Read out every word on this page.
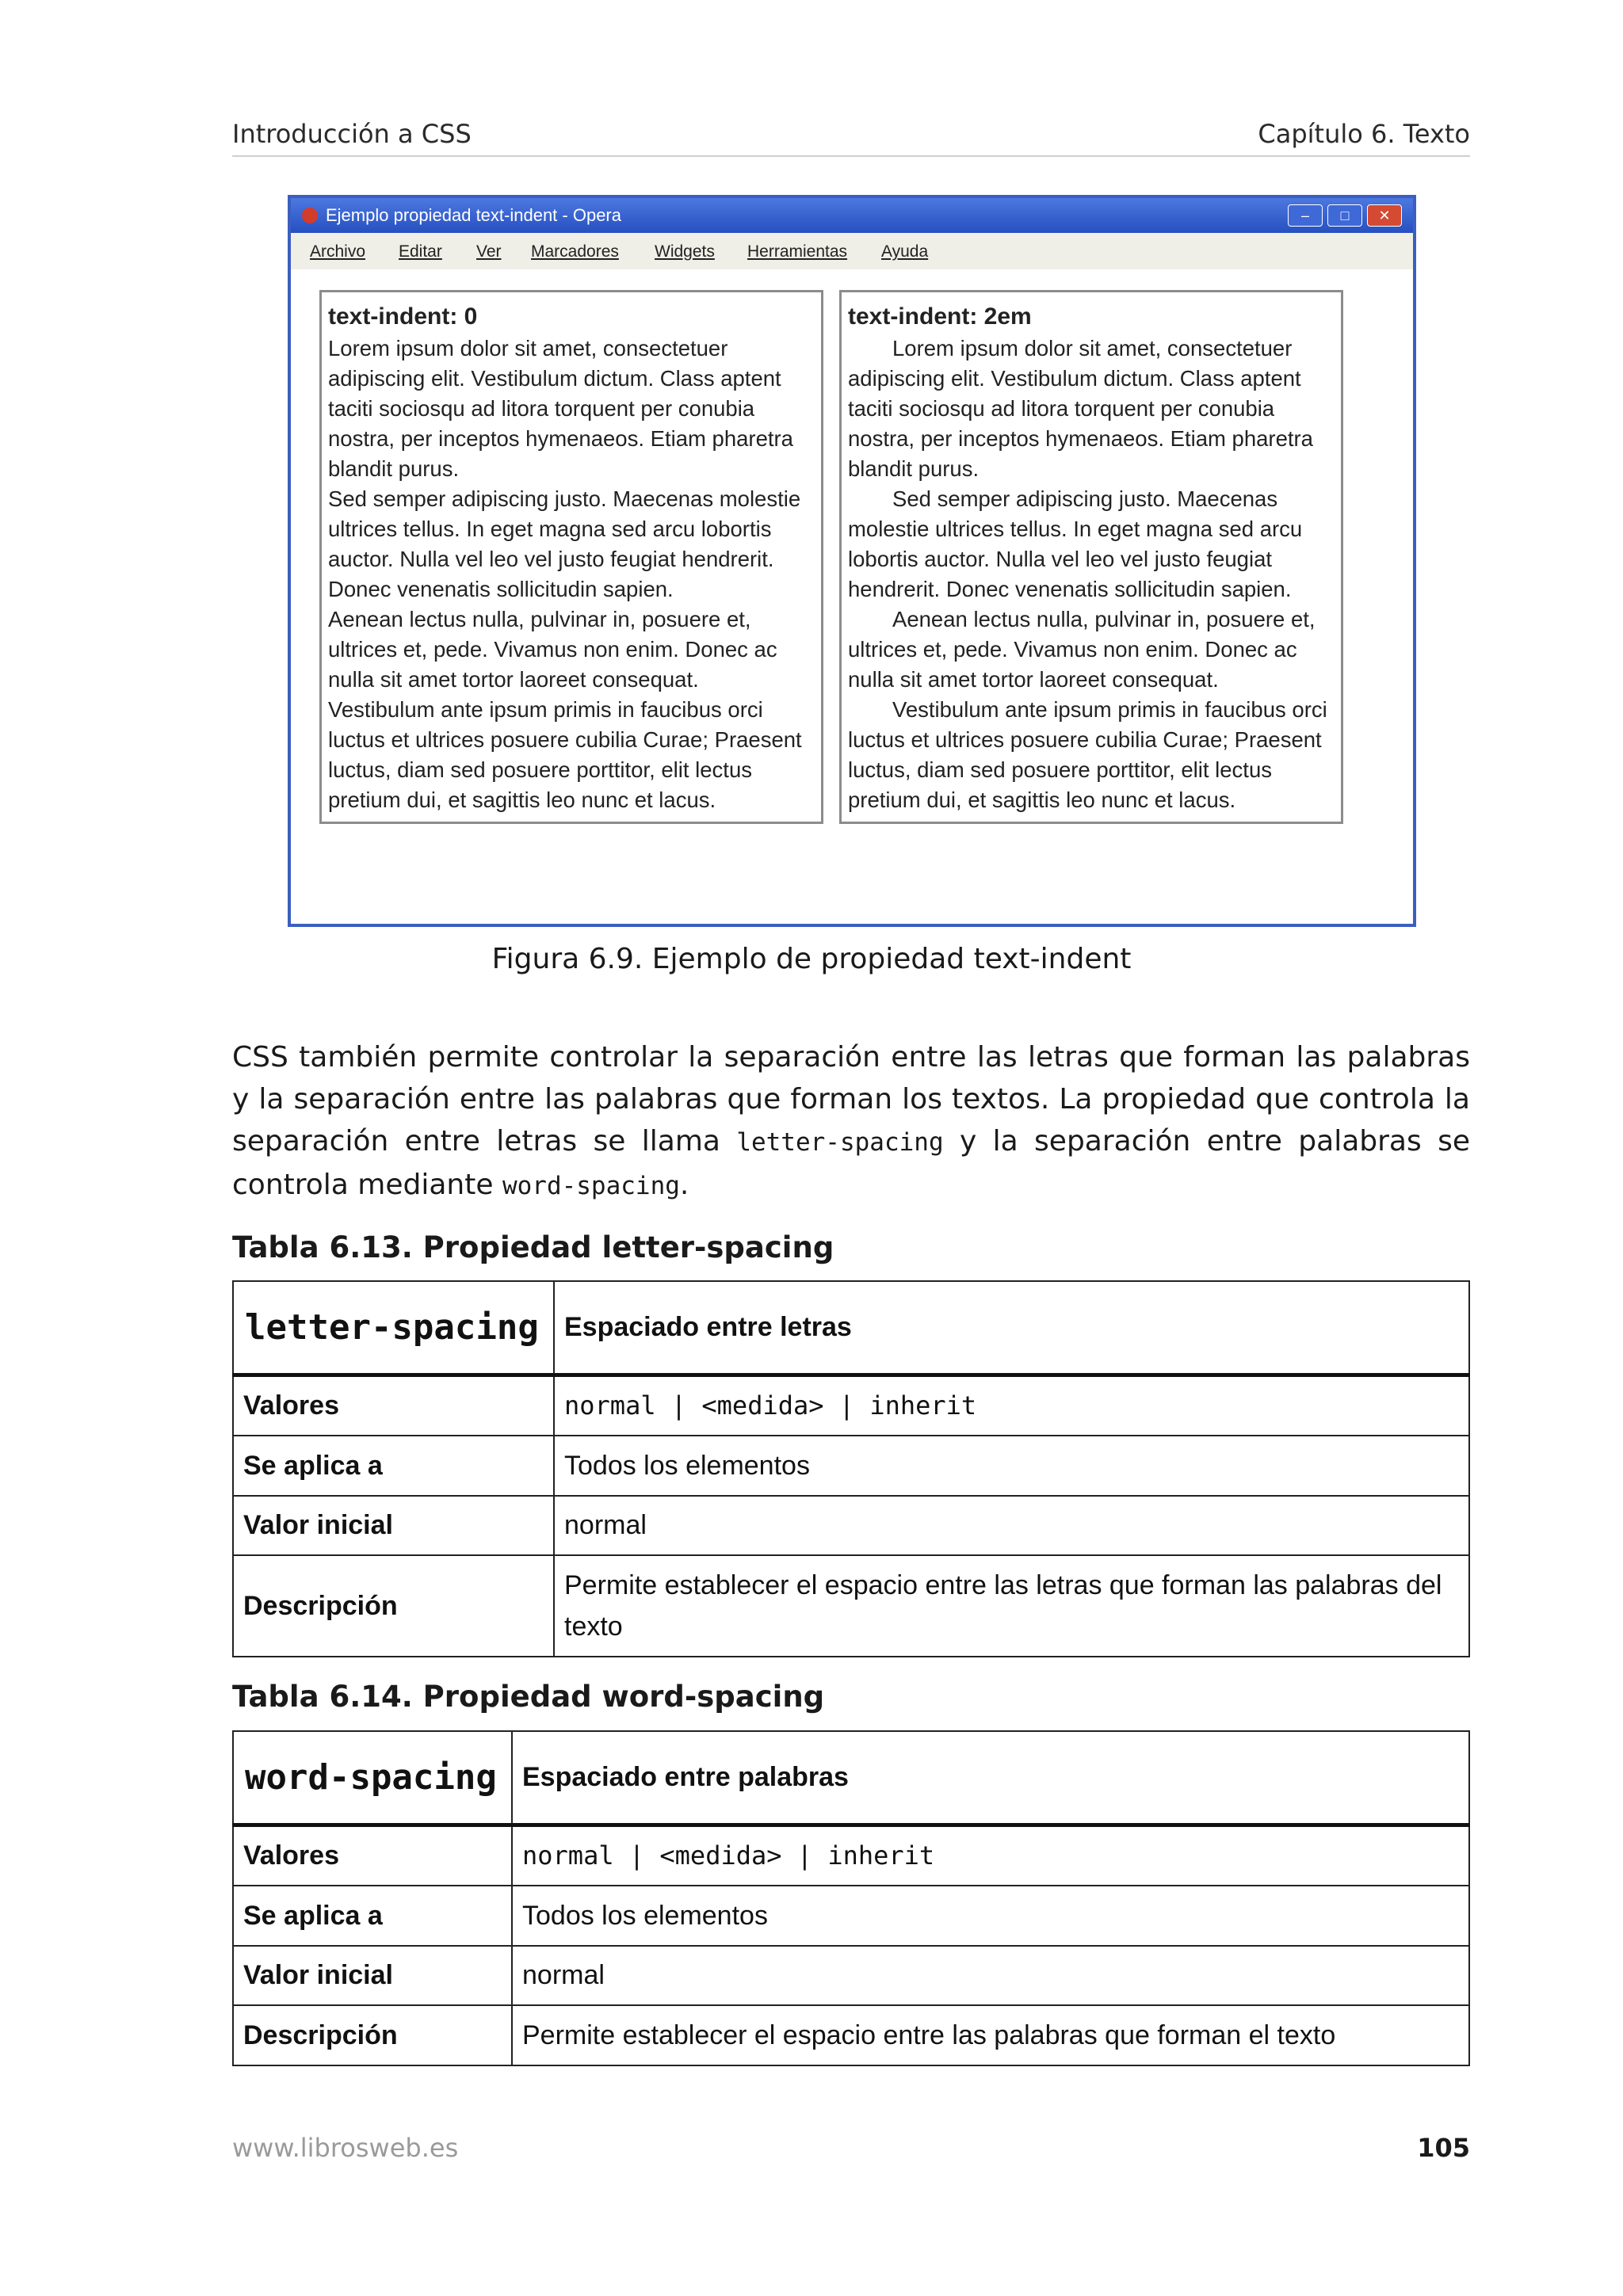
Introducción a CSS	Capítulo 6. Texto
Ejemplo propiedad text-indent - Opera	– □ ✕
Archivo Editar Ver Marcadores Widgets Herramientas Ayuda
text-indent: 0

Lorem ipsum dolor sit amet, consectetuer adipiscing elit. Vestibulum dictum. Class aptent taciti sociosqu ad litora torquent per conubia nostra, per inceptos hymenaeos. Etiam pharetra blandit purus.

Sed semper adipiscing justo. Maecenas molestie ultrices tellus. In eget magna sed arcu lobortis auctor. Nulla vel leo vel justo feugiat hendrerit. Donec venenatis sollicitudin sapien.

Aenean lectus nulla, pulvinar in, posuere et, ultrices et, pede. Vivamus non enim. Donec ac nulla sit amet tortor laoreet consequat.

Vestibulum ante ipsum primis in faucibus orci luctus et ultrices posuere cubilia Curae; Praesent luctus, diam sed posuere porttitor, elit lectus pretium dui, et sagittis leo nunc et lacus.

text-indent: 2em

Lorem ipsum dolor sit amet, consectetuer adipiscing elit. Vestibulum dictum. Class aptent taciti sociosqu ad litora torquent per conubia nostra, per inceptos hymenaeos. Etiam pharetra blandit purus.

Sed semper adipiscing justo. Maecenas molestie ultrices tellus. In eget magna sed arcu lobortis auctor. Nulla vel leo vel justo feugiat hendrerit. Donec venenatis sollicitudin sapien.

Aenean lectus nulla, pulvinar in, posuere et, ultrices et, pede. Vivamus non enim. Donec ac nulla sit amet tortor laoreet consequat.

Vestibulum ante ipsum primis in faucibus orci luctus et ultrices posuere cubilia Curae; Praesent luctus, diam sed posuere porttitor, elit lectus pretium dui, et sagittis leo nunc et lacus.

Figura 6.9. Ejemplo de propiedad text-indent
CSS también permite controlar la separación entre las letras que forman las palabras y la separación entre las palabras que forman los textos. La propiedad que controla la separación entre letras se llama letter-spacing y la separación entre palabras se controla mediante word-spacing.
Tabla 6.13. Propiedad letter-spacing
letter-spacing	Espaciado entre letras
Valores	normal | <medida> | inherit
Se aplica a	Todos los elementos
Valor inicial	normal
Descripción	Permite establecer el espacio entre las letras que forman las palabras del texto
Tabla 6.14. Propiedad word-spacing
word-spacing	Espaciado entre palabras
Valores	normal | <medida> | inherit
Se aplica a	Todos los elementos
Valor inicial	normal
Descripción	Permite establecer el espacio entre las palabras que forman el texto
www.librosweb.es	105
